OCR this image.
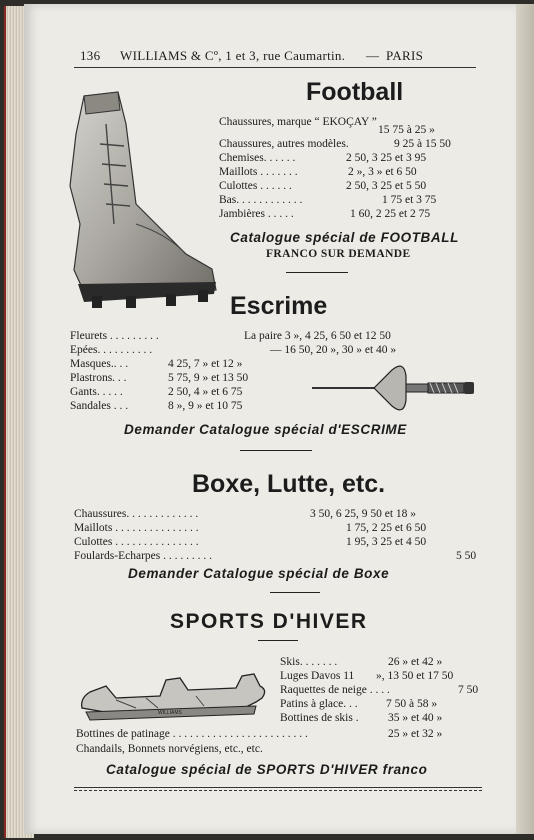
136 WILLIAMS & Cº, 1 et 3, rue Caumartin. — PARIS
Football
Chaussures, marque “ EKOÇAY ”
15 75 à 25 »
Chaussures, autres modèles.	9 25 à 15 50
Chemises. . . . . .	2 50, 3 25 et 3 95
Maillots . . . . . . .	2 », 3 » et 6 50
Culottes . . . . . .	2 50, 3 25 et 5 50
Bas. . . . . . . . . . . .	1 75 et 3 75
Jambières . . . . .	1 60, 2 25 et 2 75
Catalogue spécial de FOOTBALL
FRANCO SUR DEMANDE
Escrime
Fleurets . . . . . . . . .	La paire 3 », 4 25, 6 50 et 12 50
Epées. . . . . . . . . .	— 16 50, 20 », 30 » et 40 »
Masques.. . .	4 25, 7 » et 12 »
Plastrons. . .	5 75, 9 » et 13 50
Gants. . . . .	2 50, 4 » et 6 75
Sandales . . .	8 », 9 » et 10 75
Demander Catalogue spécial d'ESCRIME
Boxe, Lutte, etc.
Chaussures. . . . . . . . . . . . .	3 50, 6 25, 9 50 et 18 »
Maillots . . . . . . . . . . . . . . .	1 75, 2 25 et 6 50
Culottes . . . . . . . . . . . . . . .	1 95, 3 25 et 4 50
Foulards-Echarpes . . . . . . . . .	5 50
Demander Catalogue spécial de Boxe
SPORTS D'HIVER
WILLIAMS
Skis. . . . . . .	26 » et 42 »
Luges Davos 11 », 13 50 et 17 50
Raquettes de neige . . . .	7 50
Patins à glace. . . 7 50 à 58 »
Bottines de skis .	35 » et 40 »
Bottines de patinage . . . . . . . . . . . . . . . . . . . . . . . .	25 » et 32 »
Chandails, Bonnets norvégiens, etc., etc.
Catalogue spécial de SPORTS D'HIVER franco
